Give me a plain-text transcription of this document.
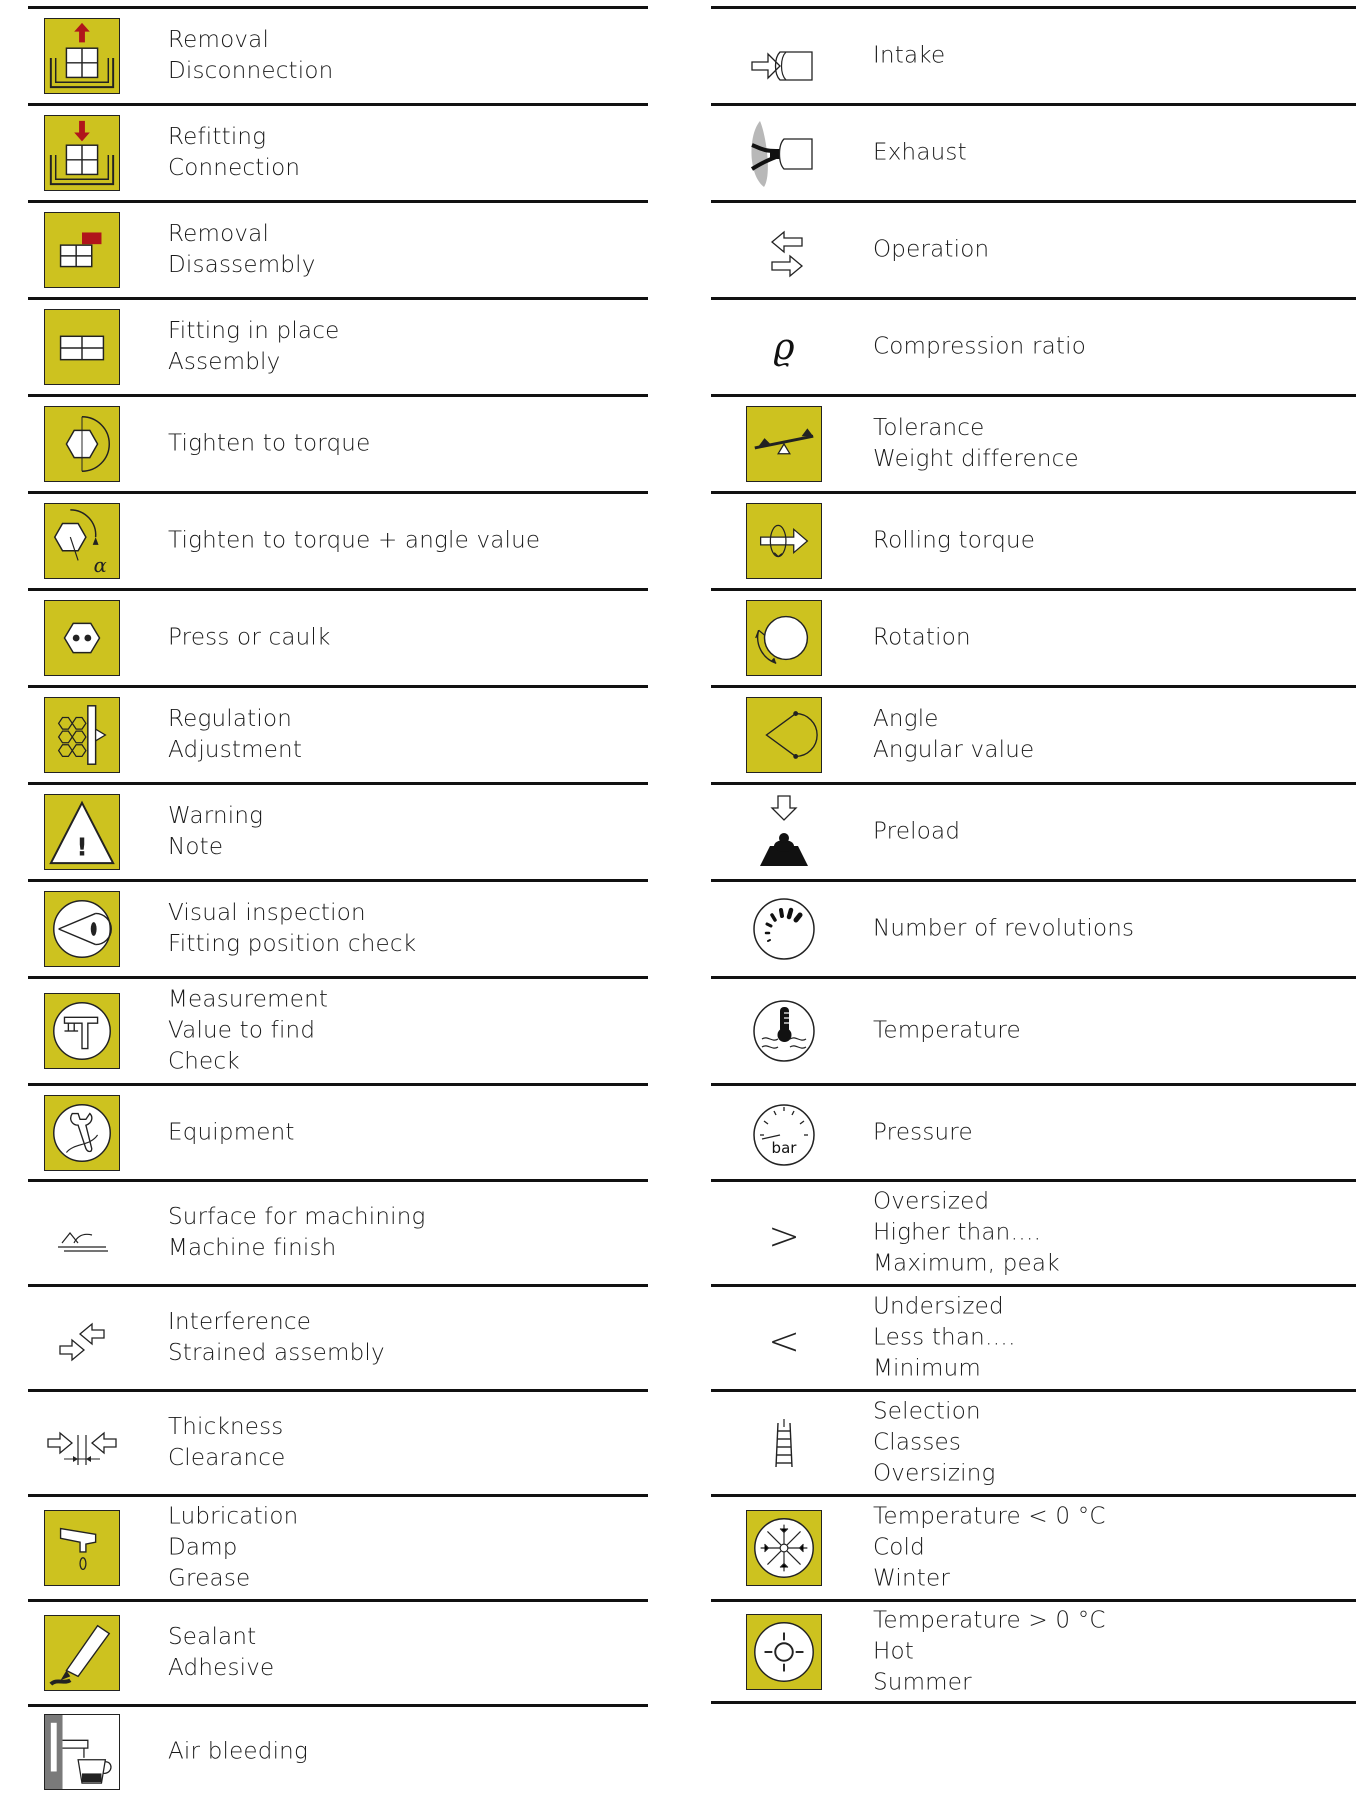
Removal
Disconnection
Refitting
Connection
Removal
Disassembly
Fitting in place
Assembly
Tighten to torque
α
Tighten to torque + angle value
Press or caulk
Regulation
Adjustment
!
Warning
Note
Visual inspection
Fitting position check
Measurement
Value to find
Check
Equipment
Surface for machining
Machine finish
Interference
Strained assembly
Thickness
Clearance
Lubrication
Damp
Grease
Sealant
Adhesive
Air bleeding
Intake
Exhaust
Operation
ϱ	Compression ratio
Tolerance
Weight difference
Rolling torque
Rotation
Angle
Angular value
Preload
Number of revolutions
Temperature
bar
Pressure
>
Oversized
Higher than….
Maximum, peak
<
Undersized
Less than….
Minimum
Selection
Classes
Oversizing
Temperature < 0 °C
Cold
Winter
Temperature > 0 °C
Hot
Summer
